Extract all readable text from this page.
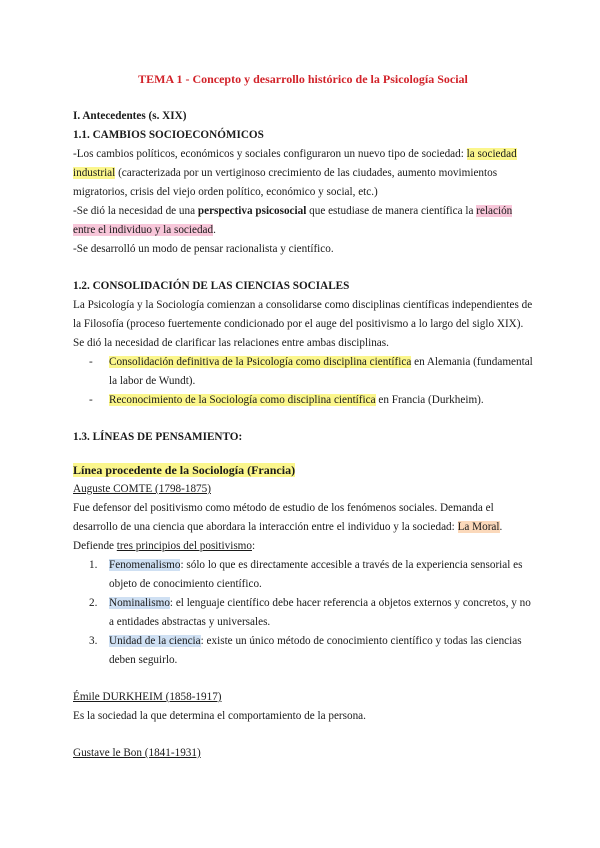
TEMA 1 - Concepto y desarrollo histórico de la Psicología Social

I. Antecedentes (s. XIX)

1.1. CAMBIOS SOCIOECONÓMICOS

-Los cambios políticos, económicos y sociales configuraron un nuevo tipo de sociedad: la sociedad industrial (caracterizada por un vertiginoso crecimiento de las ciudades, aumento movimientos migratorios, crisis del viejo orden político, económico y social, etc.)

-Se dió la necesidad de una perspectiva psicosocial que estudiase de manera científica la relación entre el individuo y la sociedad.

-Se desarrolló un modo de pensar racionalista y científico.

1.2. CONSOLIDACIÓN DE LAS CIENCIAS SOCIALES

La Psicología y la Sociología comienzan a consolidarse como disciplinas científicas independientes de la Filosofía (proceso fuertemente condicionado por el auge del positivismo a lo largo del siglo XIX).

Se dió la necesidad de clarificar las relaciones entre ambas disciplinas.

- Consolidación definitiva de la Psicología como disciplina científica en Alemania (fundamental la labor de Wundt).
- Reconocimiento de la Sociología como disciplina científica en Francia (Durkheim).

1.3. LÍNEAS DE PENSAMIENTO:

Línea procedente de la Sociología (Francia)

Auguste COMTE (1798-1875)

Fue defensor del positivismo como método de estudio de los fenómenos sociales. Demanda el desarrollo de una ciencia que abordara la interacción entre el individuo y la sociedad: La Moral.

Defiende tres principios del positivismo:

1. Fenomenalismo: sólo lo que es directamente accesible a través de la experiencia sensorial es objeto de conocimiento científico.
2. Nominalismo: el lenguaje científico debe hacer referencia a objetos externos y concretos, y no a entidades abstractas y universales.
3. Unidad de la ciencia: existe un único método de conocimiento científico y todas las ciencias deben seguirlo.

Émile DURKHEIM (1858-1917)

Es la sociedad la que determina el comportamiento de la persona.

Gustave le Bon (1841-1931)
